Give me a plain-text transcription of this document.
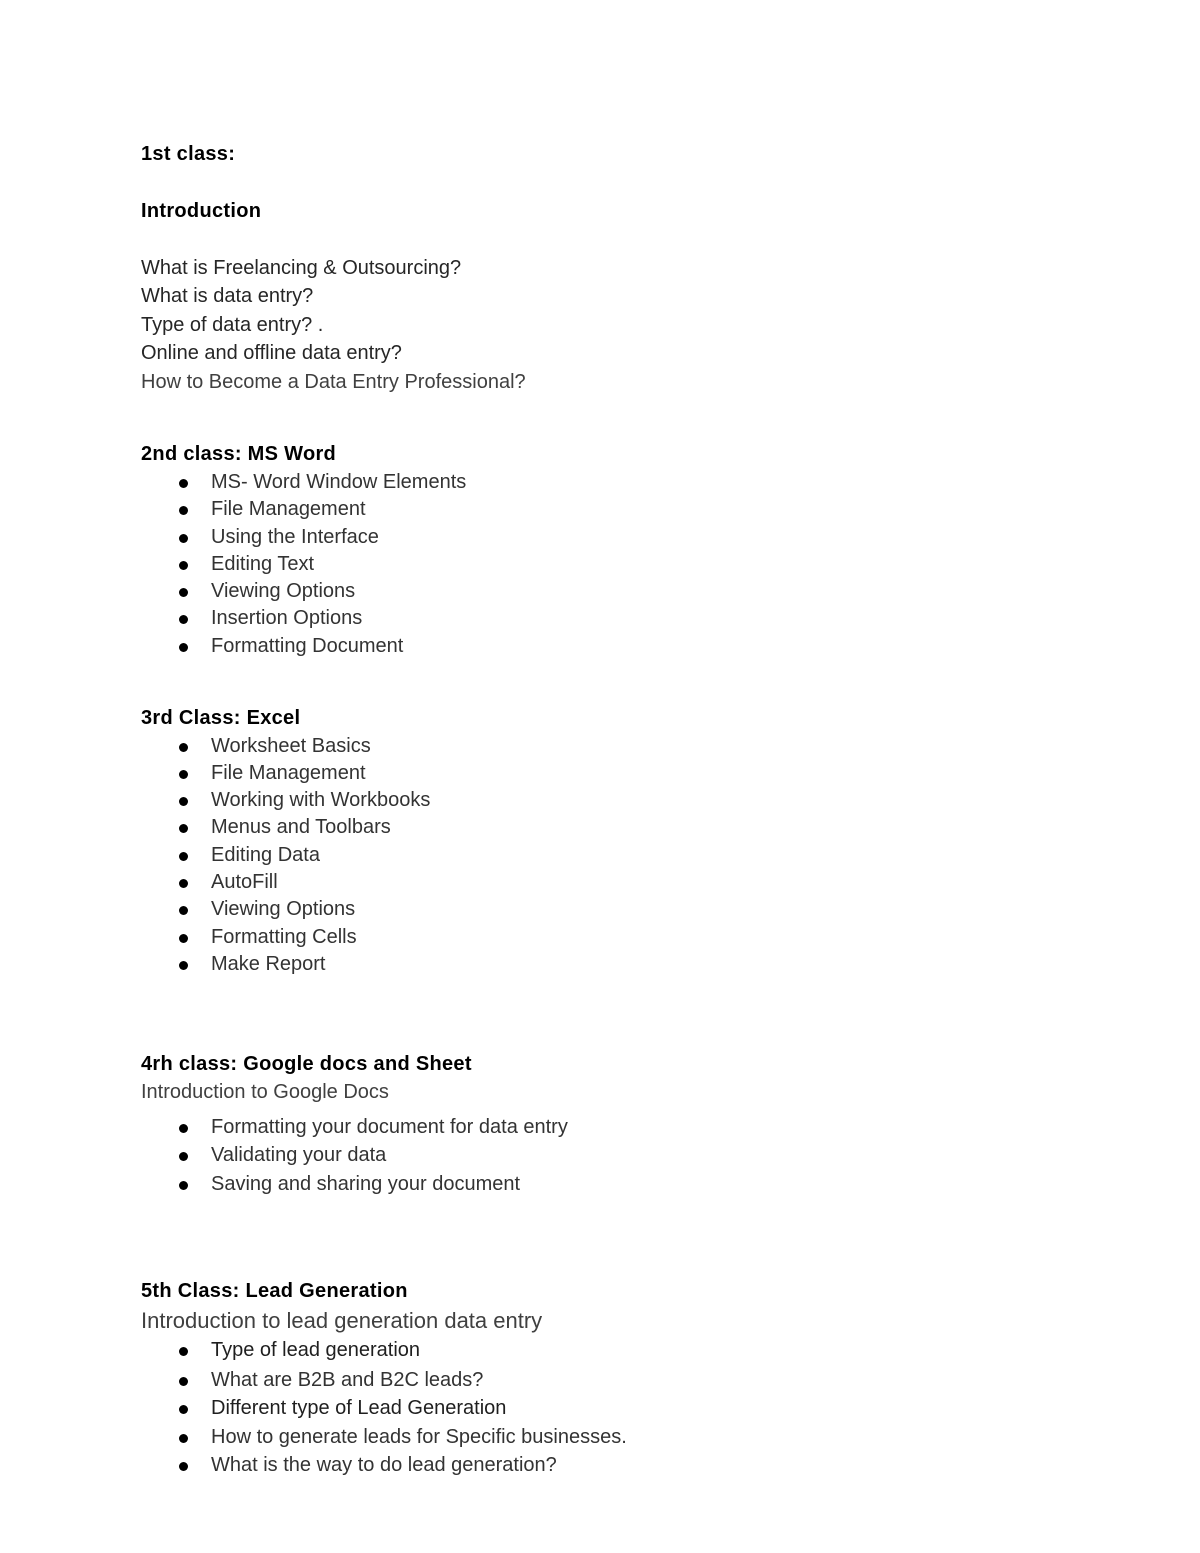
1st class:
Introduction
What is Freelancing & Outsourcing?
What is data entry?
Type of data entry? .
Online and offline data entry?
How to Become a Data Entry Professional?
2nd class: MS Word
MS- Word Window Elements
File Management
Using the Interface
Editing Text
Viewing Options
Insertion Options
Formatting Document
3rd Class: Excel
Worksheet Basics
File Management
Working with Workbooks
Menus and Toolbars
Editing Data
AutoFill
Viewing Options
Formatting Cells
Make Report
4rh class: Google docs and Sheet
Introduction to Google Docs
Formatting your document for data entry
Validating your data
Saving and sharing your document
5th Class: Lead Generation
Introduction to lead generation data entry
Type of lead generation
What are B2B and B2C leads?
Different type of Lead Generation
How to generate leads for Specific businesses.
What is the way to do lead generation?
